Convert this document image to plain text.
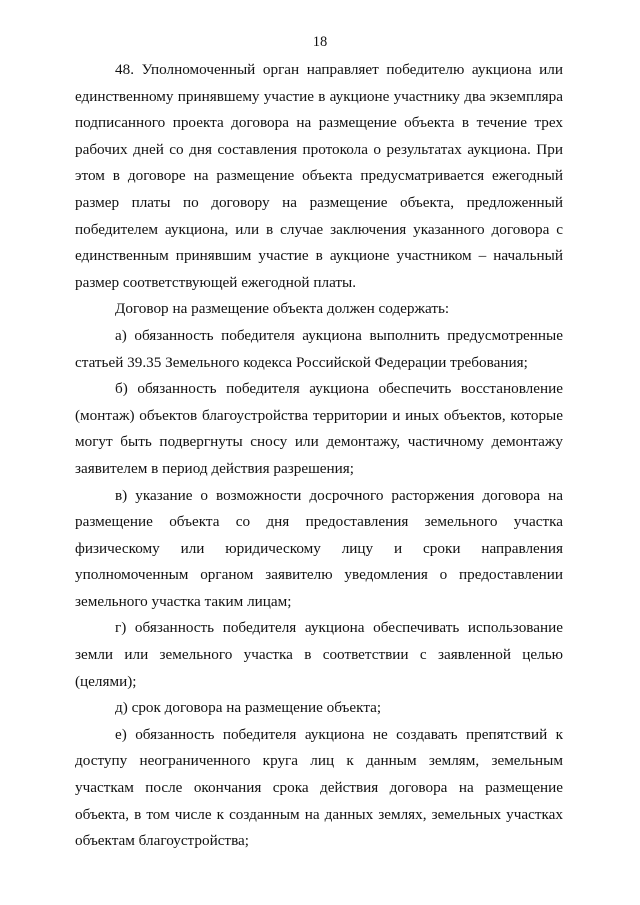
18

48. Уполномоченный орган направляет победителю аукциона или единственному принявшему участие в аукционе участнику два экземпляра подписанного проекта договора на размещение объекта в течение трех рабочих дней со дня составления протокола о результатах аукциона. При этом в договоре на размещение объекта предусматривается ежегодный размер платы по договору на размещение объекта, предложенный победителем аукциона, или в случае заключения указанного договора с единственным принявшим участие в аукционе участником – начальный размер соответствующей ежегодной платы.

Договор на размещение объекта должен содержать:

а) обязанность победителя аукциона выполнить предусмотренные статьей 39.35 Земельного кодекса Российской Федерации требования;

б) обязанность победителя аукциона обеспечить восстановление (монтаж) объектов благоустройства территории и иных объектов, которые могут быть подвергнуты сносу или демонтажу, частичному демонтажу заявителем в период действия разрешения;

в) указание о возможности досрочного расторжения договора на размещение объекта со дня предоставления земельного участка физическому или юридическому лицу и сроки направления уполномоченным органом заявителю уведомления о предоставлении земельного участка таким лицам;

г) обязанность победителя аукциона обеспечивать использование земли или земельного участка в соответствии с заявленной целью (целями);

д) срок договора на размещение объекта;

е) обязанность победителя аукциона не создавать препятствий к доступу неограниченного круга лиц к данным землям, земельным участкам после окончания срока действия договора на размещение объекта, в том числе к созданным на данных землях, земельных участках объектам благоустройства;
